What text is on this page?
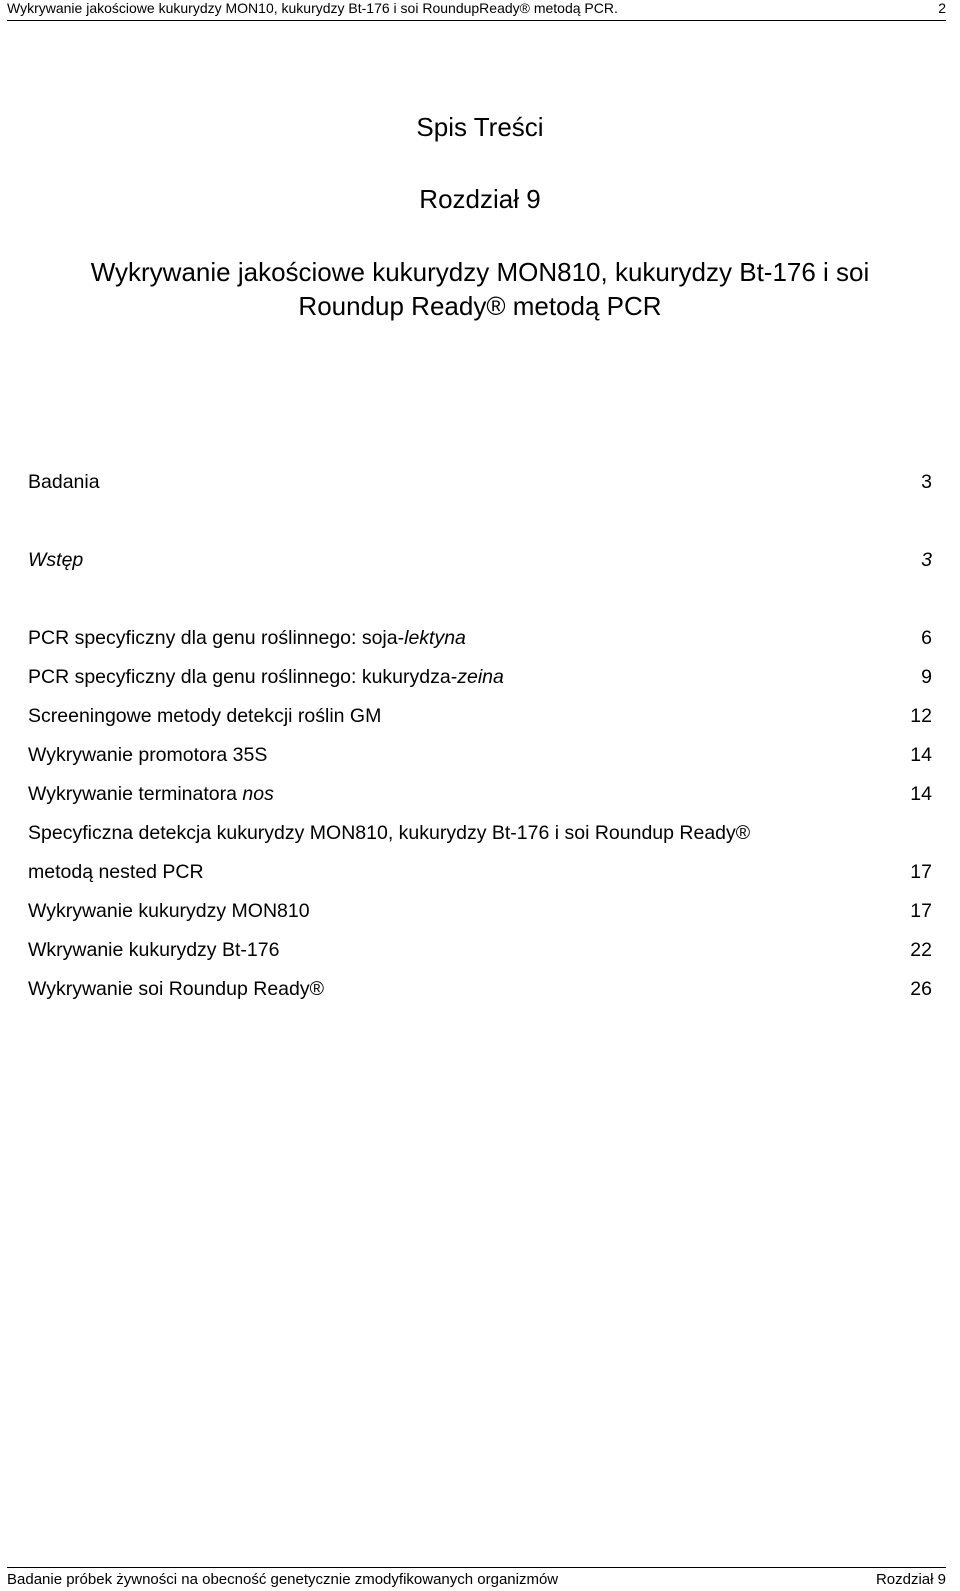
Wykrywanie jakościowe kukurydzy MON10, kukurydzy Bt-176 i soi RoundupReady® metodą PCR.	2
Spis Treści
Rozdział 9
Wykrywanie jakościowe kukurydzy MON810, kukurydzy Bt-176 i soi
Roundup Ready® metodą PCR
Badania	3
Wstęp	3
PCR specyficzny dla genu roślinnego: soja-lektyna	6
PCR specyficzny dla genu roślinnego: kukurydza-zeina	9
Screeningowe metody detekcji roślin GM	12
Wykrywanie promotora 35S	14
Wykrywanie terminatora nos	14
Specyficzna detekcja kukurydzy MON810, kukurydzy Bt-176 i soi Roundup Ready®
metodą nested PCR	17
Wykrywanie kukurydzy MON810	17
Wkrywanie kukurydzy Bt-176	22
Wykrywanie soi Roundup Ready®	26
Badanie próbek żywności na obecność genetycznie zmodyfikowanych organizmów	Rozdział 9
